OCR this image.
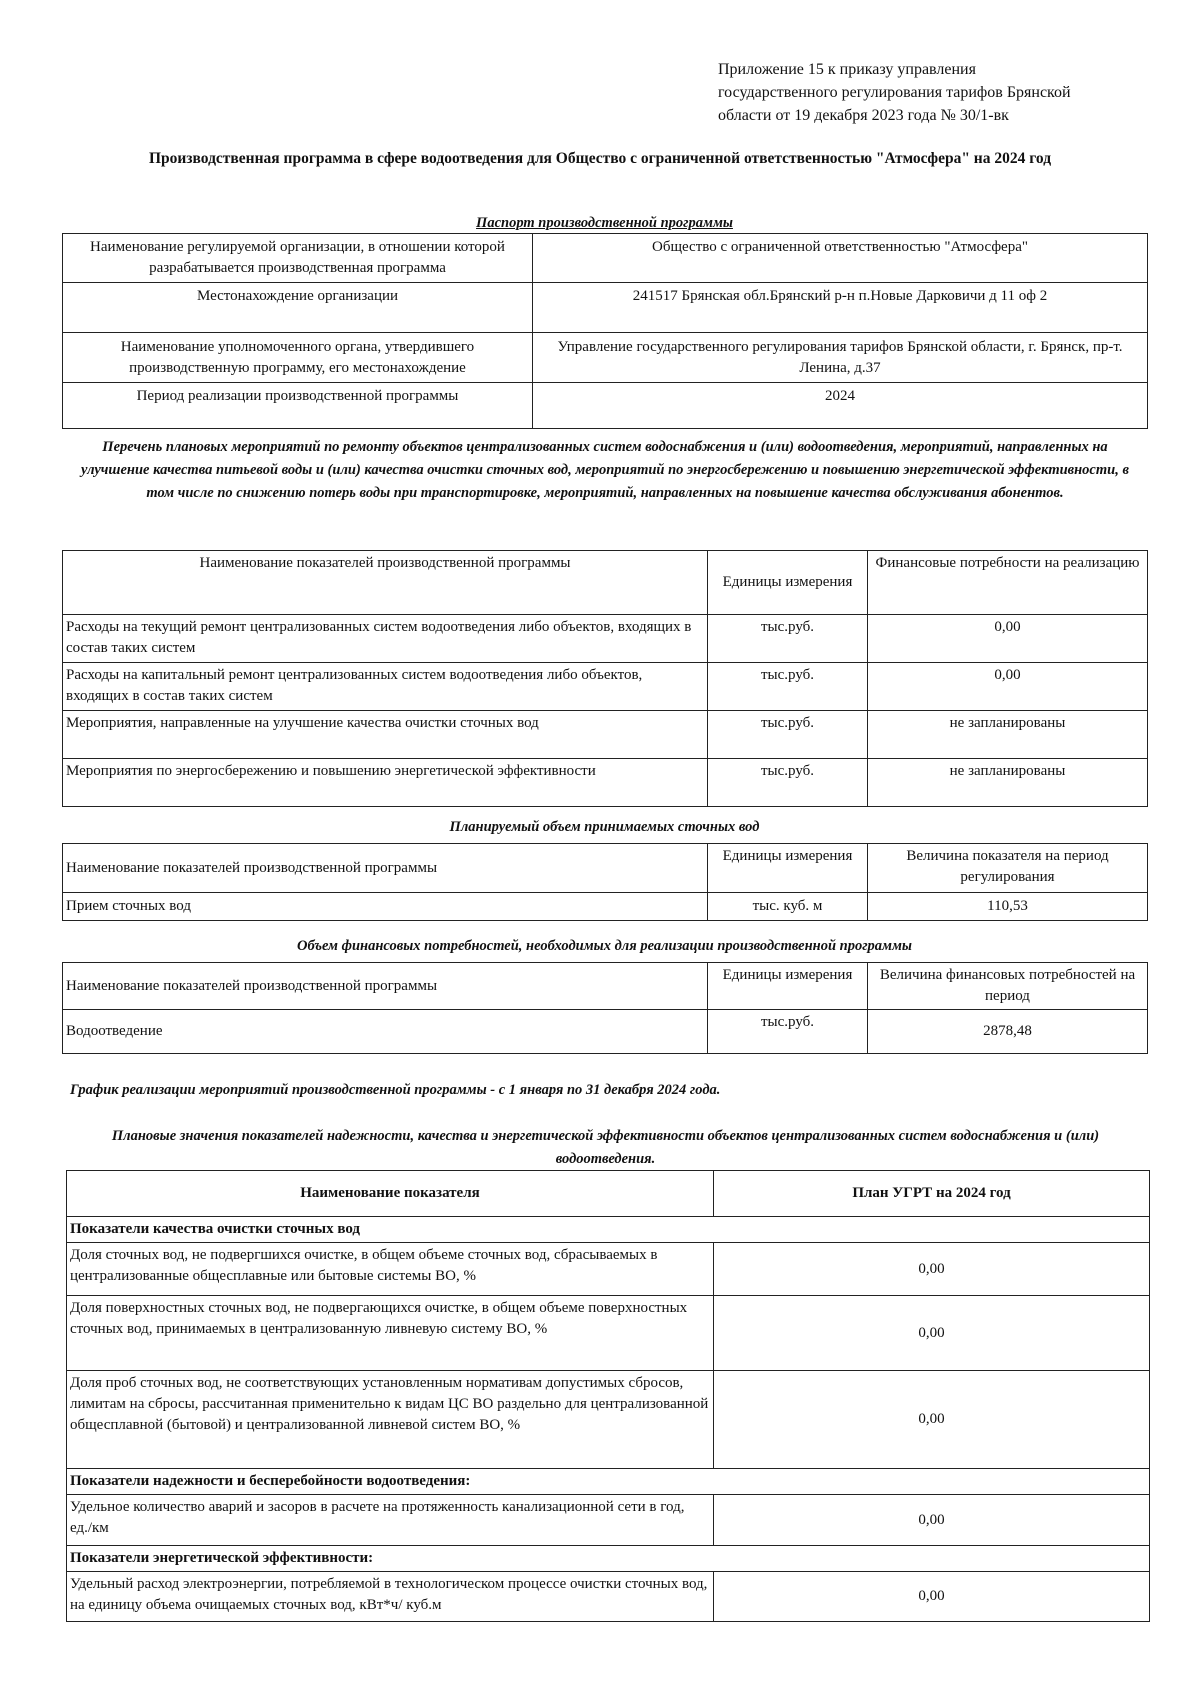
Приложение 15 к приказу управления
государственного регулирования тарифов Брянской
области от 19 декабря 2023 года № 30/1-вк
Производственная программа в сфере водоотведения для Общество с ограниченной ответственностью "Атмосфера" на 2024 год
Паспорт производственной программы
Наименование регулируемой организации, в отношении которой разрабатывается производственная программа	Общество с ограниченной ответственностью "Атмосфера"
Местонахождение организации	241517 Брянская обл.Брянский р-н п.Новые Дарковичи д 11 оф 2
Наименование уполномоченного органа, утвердившего производственную программу, его местонахождение	Управление государственного регулирования тарифов Брянской области, г. Брянск, пр-т. Ленина, д.37
Период реализации производственной программы	2024
Перечень плановых мероприятий по ремонту объектов централизованных систем водоснабжения и (или) водоотведения, мероприятий, направленных на улучшение качества питьевой воды и (или) качества очистки сточных вод, мероприятий по энергосбережению и повышению энергетической эффективности, в том числе по снижению потерь воды при транспортировке, мероприятий, направленных на повышение качества обслуживания абонентов.
Наименование показателей производственной программы	Единицы измерения	Финансовые потребности на реализацию
Расходы на текущий ремонт централизованных систем водоотведения либо объектов, входящих в состав таких систем	тыс.руб.	0,00
Расходы на капитальный ремонт централизованных систем водоотведения либо объектов, входящих в состав таких систем	тыс.руб.	0,00
Мероприятия, направленные на улучшение качества очистки сточных вод	тыс.руб.	не запланированы
Мероприятия по энергосбережению и повышению энергетической эффективности	тыс.руб.	не запланированы
Планируемый объем принимаемых сточных вод
Наименование показателей производственной программы	Единицы измерения	Величина показателя на период регулирования
Прием сточных вод	тыс. куб. м	110,53
Объем финансовых потребностей, необходимых для реализации производственной программы
Наименование показателей производственной программы	Единицы измерения	Величина финансовых потребностей на период
Водоотведение	тыс.руб.	2878,48
График реализации мероприятий производственной программы - с 1 января по 31 декабря 2024 года.
Плановые значения показателей надежности, качества и энергетической эффективности объектов централизованных систем водоснабжения и (или) водоотведения.
Наименование показателя	План УГРТ на 2024 год
Показатели качества очистки сточных вод	
Доля сточных вод, не подвергшихся очистке, в общем объеме сточных вод, сбрасываемых в централизованные общесплавные или бытовые системы ВО, %	0,00
Доля поверхностных сточных вод, не подвергающихся очистке, в общем объеме поверхностных сточных вод, принимаемых в централизованную ливневую систему ВО, %	0,00
Доля проб сточных вод, не соответствующих установленным нормативам допустимых сбросов, лимитам на сбросы, рассчитанная применительно к видам ЦС ВО раздельно для централизованной общесплавной (бытовой) и централизованной ливневой систем ВО, %	0,00
Показатели надежности и бесперебойности водоотведения:	
Удельное количество аварий и засоров в расчете на протяженность канализационной сети в год, ед./км	0,00
Показатели энергетической эффективности:	
Удельный расход электроэнергии, потребляемой в технологическом процессе очистки сточных вод, на единицу объема очищаемых сточных вод, кВт*ч/ куб.м	0,00
